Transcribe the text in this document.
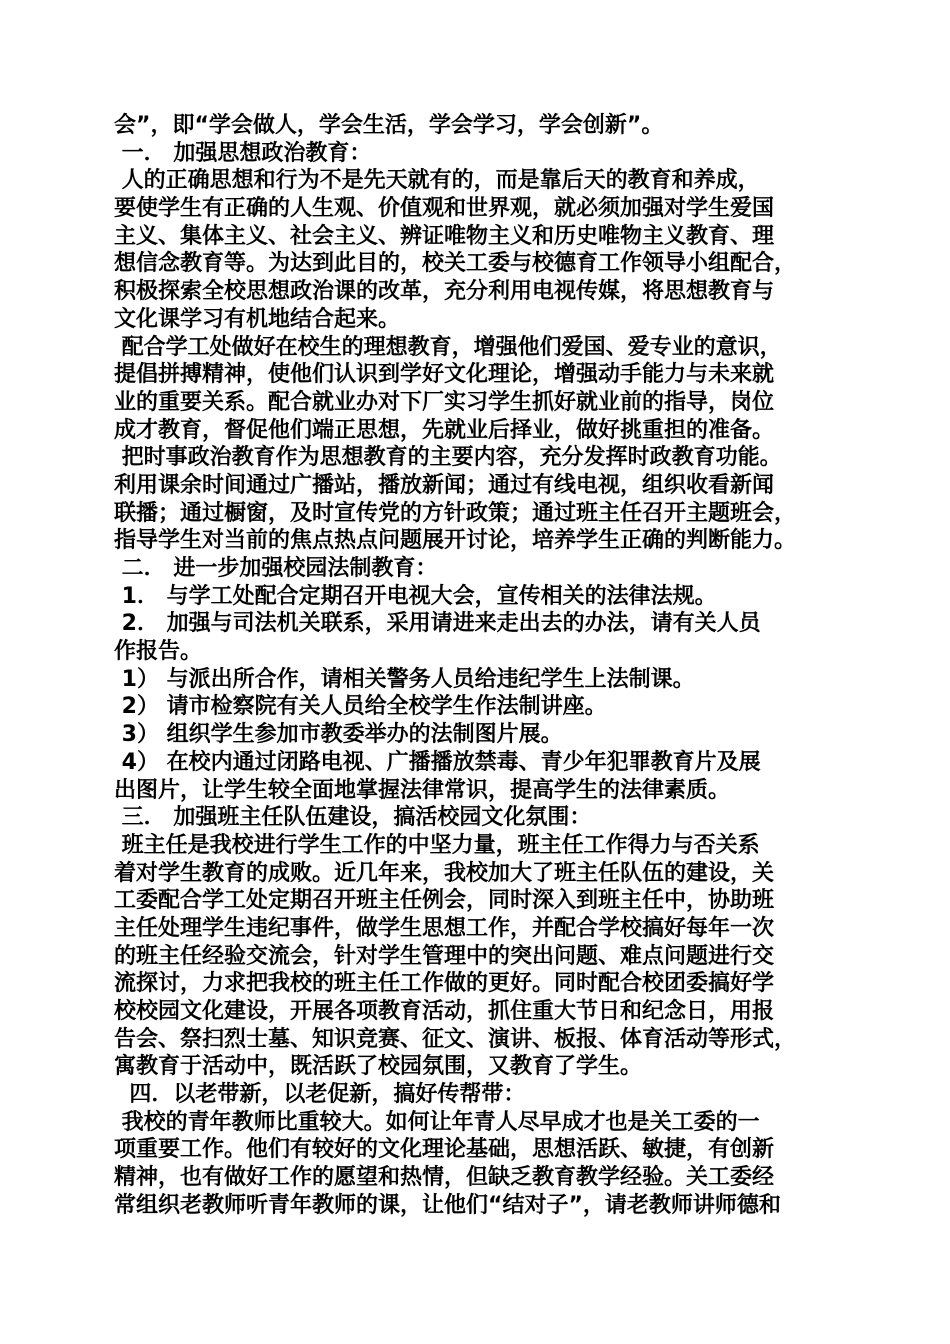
会”，即“学会做人，学会生活，学会学习，学会创新”。
一． 加强思想政治教育：
人的正确思想和行为不是先天就有的，而是靠后天的教育和养成，
要使学生有正确的人生观、价值观和世界观，就必须加强对学生爱国
主义、集体主义、社会主义、辨证唯物主义和历史唯物主义教育、理
想信念教育等。为达到此目的，校关工委与校德育工作领导小组配合，
积极探索全校思想政治课的改革，充分利用电视传媒，将思想教育与
文化课学习有机地结合起来。
配合学工处做好在校生的理想教育，增强他们爱国、爱专业的意识，
提倡拼搏精神，使他们认识到学好文化理论，增强动手能力与未来就
业的重要关系。配合就业办对下厂实习学生抓好就业前的指导，岗位
成才教育，督促他们端正思想，先就业后择业，做好挑重担的准备。
把时事政治教育作为思想教育的主要内容，充分发挥时政教育功能。
利用课余时间通过广播站，播放新闻；通过有线电视，组织收看新闻
联播；通过橱窗，及时宣传党的方针政策；通过班主任召开主题班会，
指导学生对当前的焦点热点问题展开讨论，培养学生正确的判断能力。
二． 进一步加强校园法制教育：
1． 与学工处配合定期召开电视大会，宣传相关的法律法规。
2． 加强与司法机关联系，采用请进来走出去的办法，请有关人员
作报告。
1） 与派出所合作，请相关警务人员给违纪学生上法制课。
2） 请市检察院有关人员给全校学生作法制讲座。
3） 组织学生参加市教委举办的法制图片展。
4） 在校内通过闭路电视、广播播放禁毒、青少年犯罪教育片及展
出图片，让学生较全面地掌握法律常识，提高学生的法律素质。
三． 加强班主任队伍建设，搞活校园文化氛围：
班主任是我校进行学生工作的中坚力量，班主任工作得力与否关系
着对学生教育的成败。近几年来，我校加大了班主任队伍的建设，关
工委配合学工处定期召开班主任例会，同时深入到班主任中，协助班
主任处理学生违纪事件，做学生思想工作，并配合学校搞好每年一次
的班主任经验交流会，针对学生管理中的突出问题、难点问题进行交
流探讨，力求把我校的班主任工作做的更好。同时配合校团委搞好学
校校园文化建设，开展各项教育活动，抓住重大节日和纪念日，用报
告会、祭扫烈士墓、知识竞赛、征文、演讲、板报、体育活动等形式，
寓教育于活动中，既活跃了校园氛围，又教育了学生。
四．以老带新，以老促新，搞好传帮带：
我校的青年教师比重较大。如何让年青人尽早成才也是关工委的一
项重要工作。他们有较好的文化理论基础，思想活跃、敏捷，有创新
精神，也有做好工作的愿望和热情，但缺乏教育教学经验。关工委经
常组织老教师听青年教师的课，让他们“结对子”，请老教师讲师德和
